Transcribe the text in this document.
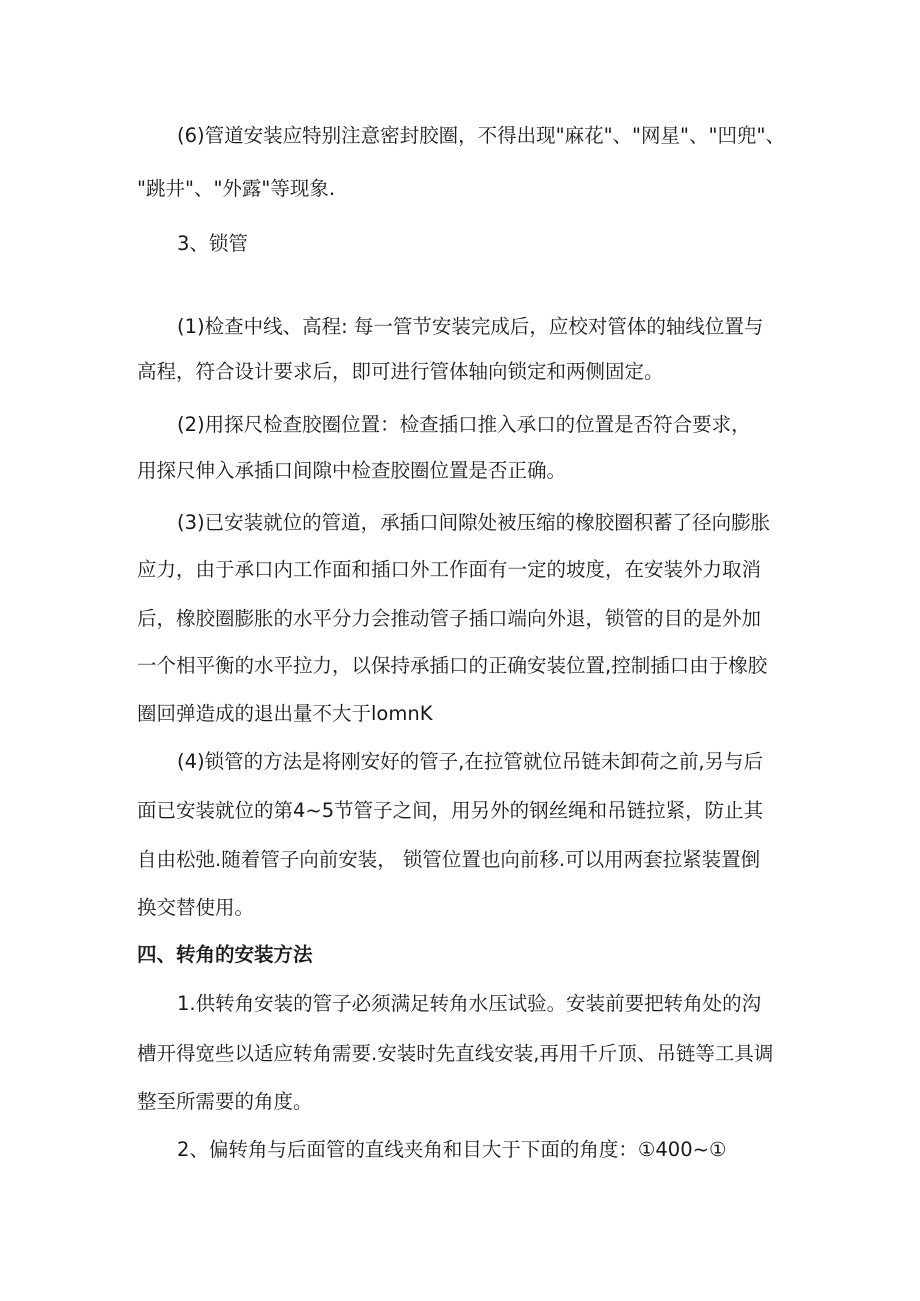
(6)管道安装应特别注意密封胶圈，不得出现"麻花"、"网星"、"凹兜"、
"跳井"、"外露"等现象.
3、锁管
(1)检查中线、高程: 每一管节安装完成后，应校对管体的轴线位置与
高程，符合设计要求后，即可进行管体轴向锁定和两侧固定。
(2)用探尺检查胶圈位置：检查插口推入承口的位置是否符合要求，
用探尺伸入承插口间隙中检查胶圈位置是否正确。
(3)已安装就位的管道，承插口间隙处被压缩的橡胶圈积蓄了径向膨胀
应力，由于承口内工作面和插口外工作面有一定的坡度，在安装外力取消
后，橡胶圈膨胀的水平分力会推动管子插口端向外退，锁管的目的是外加
一个相平衡的水平拉力，以保持承插口的正确安装位置,控制插口由于橡胶
圈回弹造成的退出量不大于lomnK
(4)锁管的方法是将刚安好的管子,在拉管就位吊链未卸荷之前,另与后
面已安装就位的第4~5节管子之间，用另外的钢丝绳和吊链拉紧，防止其
自由松弛.随着管子向前安装， 锁管位置也向前移.可以用两套拉紧装置倒
换交替使用。
四、转角的安装方法
1.供转角安装的管子必须满足转角水压试验。安装前要把转角处的沟
槽开得宽些以适应转角需要.安装时先直线安装,再用千斤顶、吊链等工具调
整至所需要的角度。
2、偏转角与后面管的直线夹角和目大于下面的角度：①400~①
